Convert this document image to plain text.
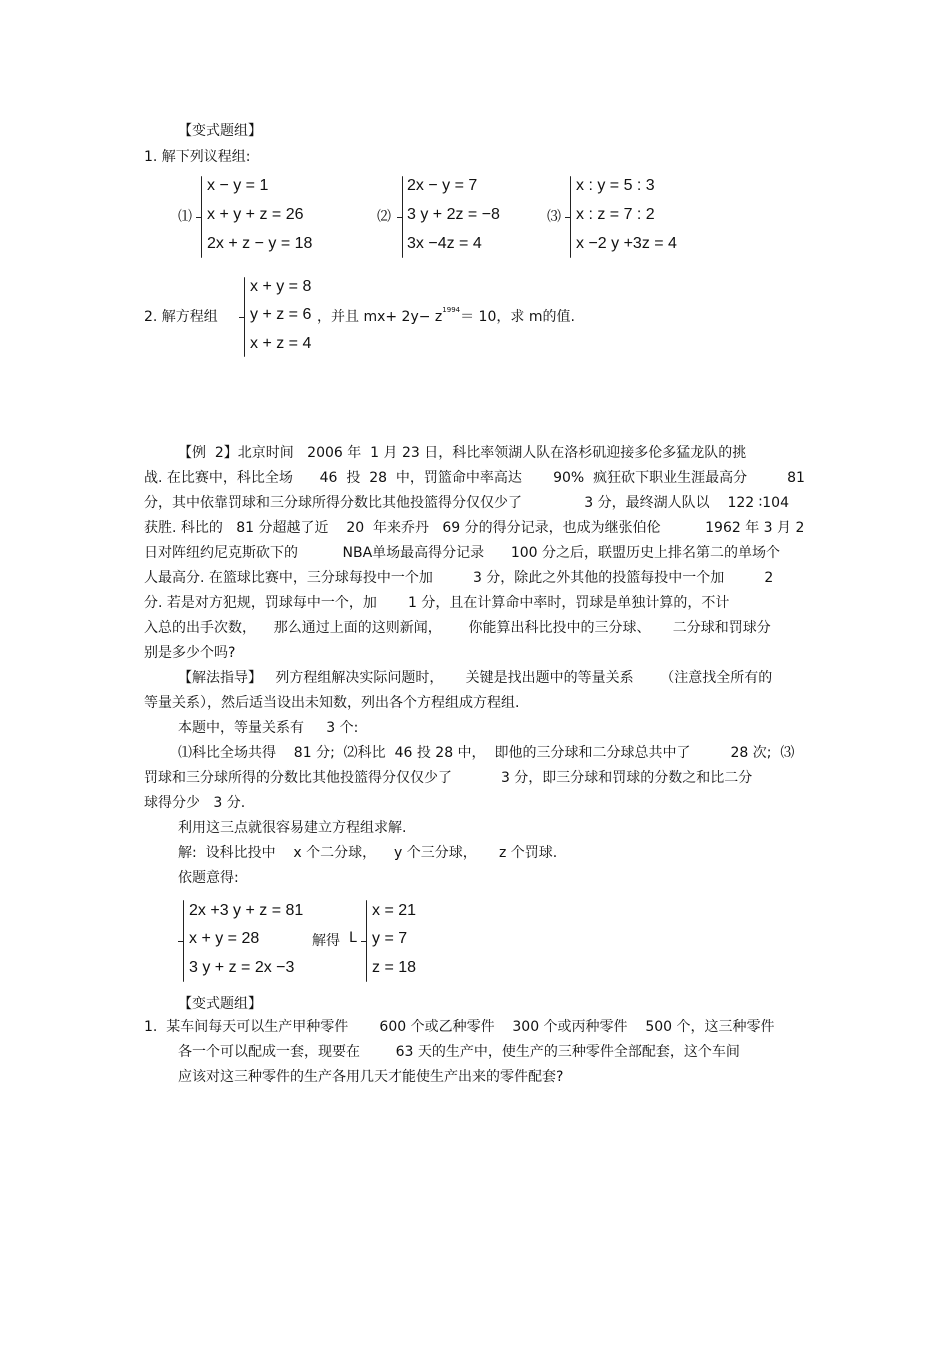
【变式题组】
1. 解下列议程组:
⑴
x − y = 1
x + y + z = 26
2x + z − y = 18
⑵
2x − y = 7
3 y + 2z = −8
3x −4z = 4
⑶
x : y = 5 : 3
x : z = 7 : 2
x −2 y +3z = 4
2. 解方程组
x + y = 8
y + z = 6
x + z = 4
，并且 $mx+ 2y- z^{1994}= 10$，求 m的值.
【例  2】北京时间   2006 年  1 月 23 日，科比率领湖人队在洛杉矶迎接多伦多猛龙队的挑
战. 在比赛中，科比全场      46  投  28  中，罚篮命中率高达       90%  疯狂砍下职业生涯最高分         81
分，其中依靠罚球和三分球所得分数比其他投篮得分仅仅少了              3 分，最终湖人队以    122 ∶104
获胜. 科比的   81 分超越了近    20  年来乔丹   69 分的得分记录，也成为继张伯伦          1962 年 3 月 2
日对阵纽约尼克斯砍下的          NBA单场最高得分记录      100 分之后，联盟历史上排名第二的单场个
人最高分. 在篮球比赛中，三分球每投中一个加         3 分，除此之外其他的投篮每投中一个加         2
分. 若是对方犯规，罚球每中一个，加       1 分，且在计算命中率时，罚球是单独计算的，不计
入总的出手次数，    那么通过上面的这则新闻，      你能算出科比投中的三分球、     二分球和罚球分
别是多少个吗?
【解法指导】   列方程组解决实际问题时，     关键是找出题中的等量关系      （注意找全所有的
等量关系），然后适当设出未知数，列出各个方程组成方程组.
本题中，等量关系有     3 个:
⑴科比全场共得    81 分;  ⑵科比  46 投 28 中，  即他的三分球和二分球总共中了         28 次;  ⑶
罚球和三分球所得的分数比其他投篮得分仅仅少了           3 分，即三分球和罚球的分数之和比二分
球得分少   3 分.
利用这三点就很容易建立方程组求解.
解:  设科比投中    x 个二分球，    y 个三分球，     z 个罚球.
依题意得:
2x +3 y + z = 81
x + y = 28
3 y + z = 2x −3
解得 L
x = 21
y = 7
z = 18
【变式题组】
1.  某车间每天可以生产甲种零件       600 个或乙种零件    300 个或丙种零件    500 个，这三种零件
各一个可以配成一套，现要在        63 天的生产中，使生产的三种零件全部配套，这个车间
应该对这三种零件的生产各用几天才能使生产出来的零件配套?
